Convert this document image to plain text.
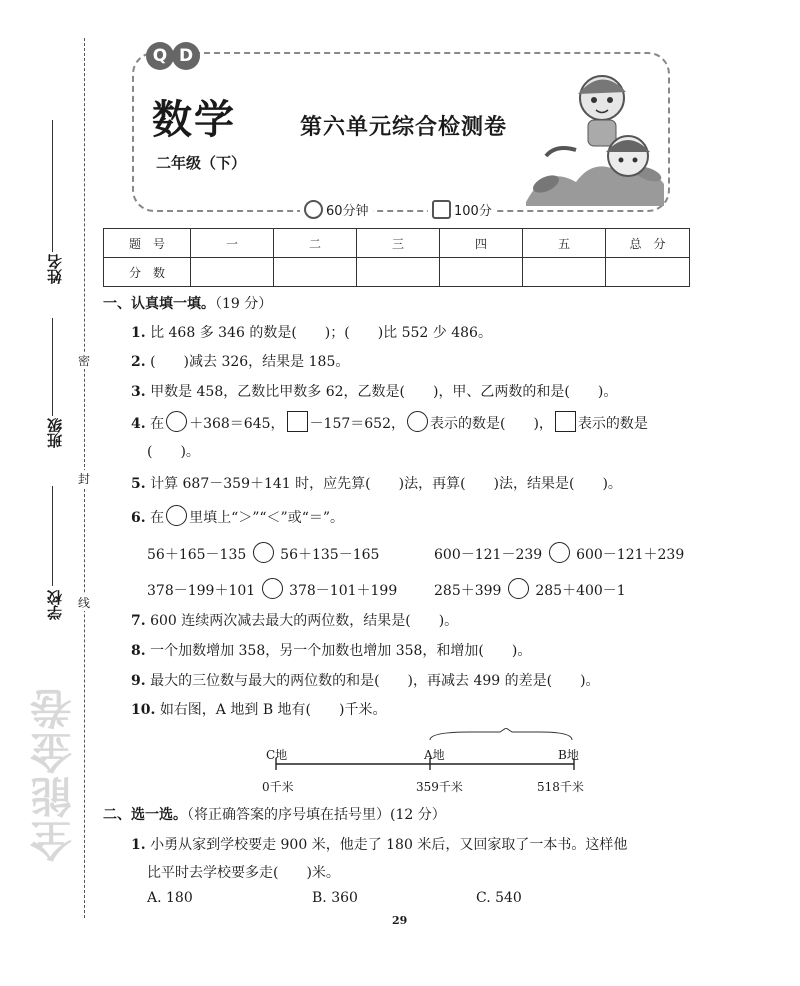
姓名
班级
学校
密
封
线
全能金卷
Q D
数学
二年级（下）
第六单元综合检测卷
60分钟	100分
题　号	一	二	三	四	五	总　分
分　数						
一、认真填一填。（19 分）
1. 比 468 多 346 的数是(　　)；(　　)比 552 少 486。
2. (　　)减去 326，结果是 185。
3. 甲数是 458，乙数比甲数多 62，乙数是(　　)，甲、乙两数的和是(　　)。
4. 在 ＋368＝645， －157＝652， 表示的数是(　　)， 表示的数是
(　　)。
5. 计算 687－359＋141 时，应先算(　　)法，再算(　　)法，结果是(　　)。
6. 在 里填上“＞”“＜”或“＝”。
56＋165－135 56＋135－165	600－121－239 600－121＋239
378－199＋101 378－101＋199	285＋399 285＋400－1
7. 600 连续两次减去最大的两位数，结果是(　　)。
8. 一个加数增加 358，另一个加数也增加 358，和增加(　　)。
9. 最大的三位数与最大的两位数的和是(　　)，再减去 499 的差是(　　)。
10. 如右图，A 地到 B 地有(　　)千米。
C地	A地	B地
0千米	359千米	518千米
二、选一选。（将正确答案的序号填在括号里）(12 分）
1. 小勇从家到学校要走 900 米，他走了 180 米后，又回家取了一本书。这样他
比平时去学校要多走(　　)米。
A. 180	B. 360	C. 540
29
